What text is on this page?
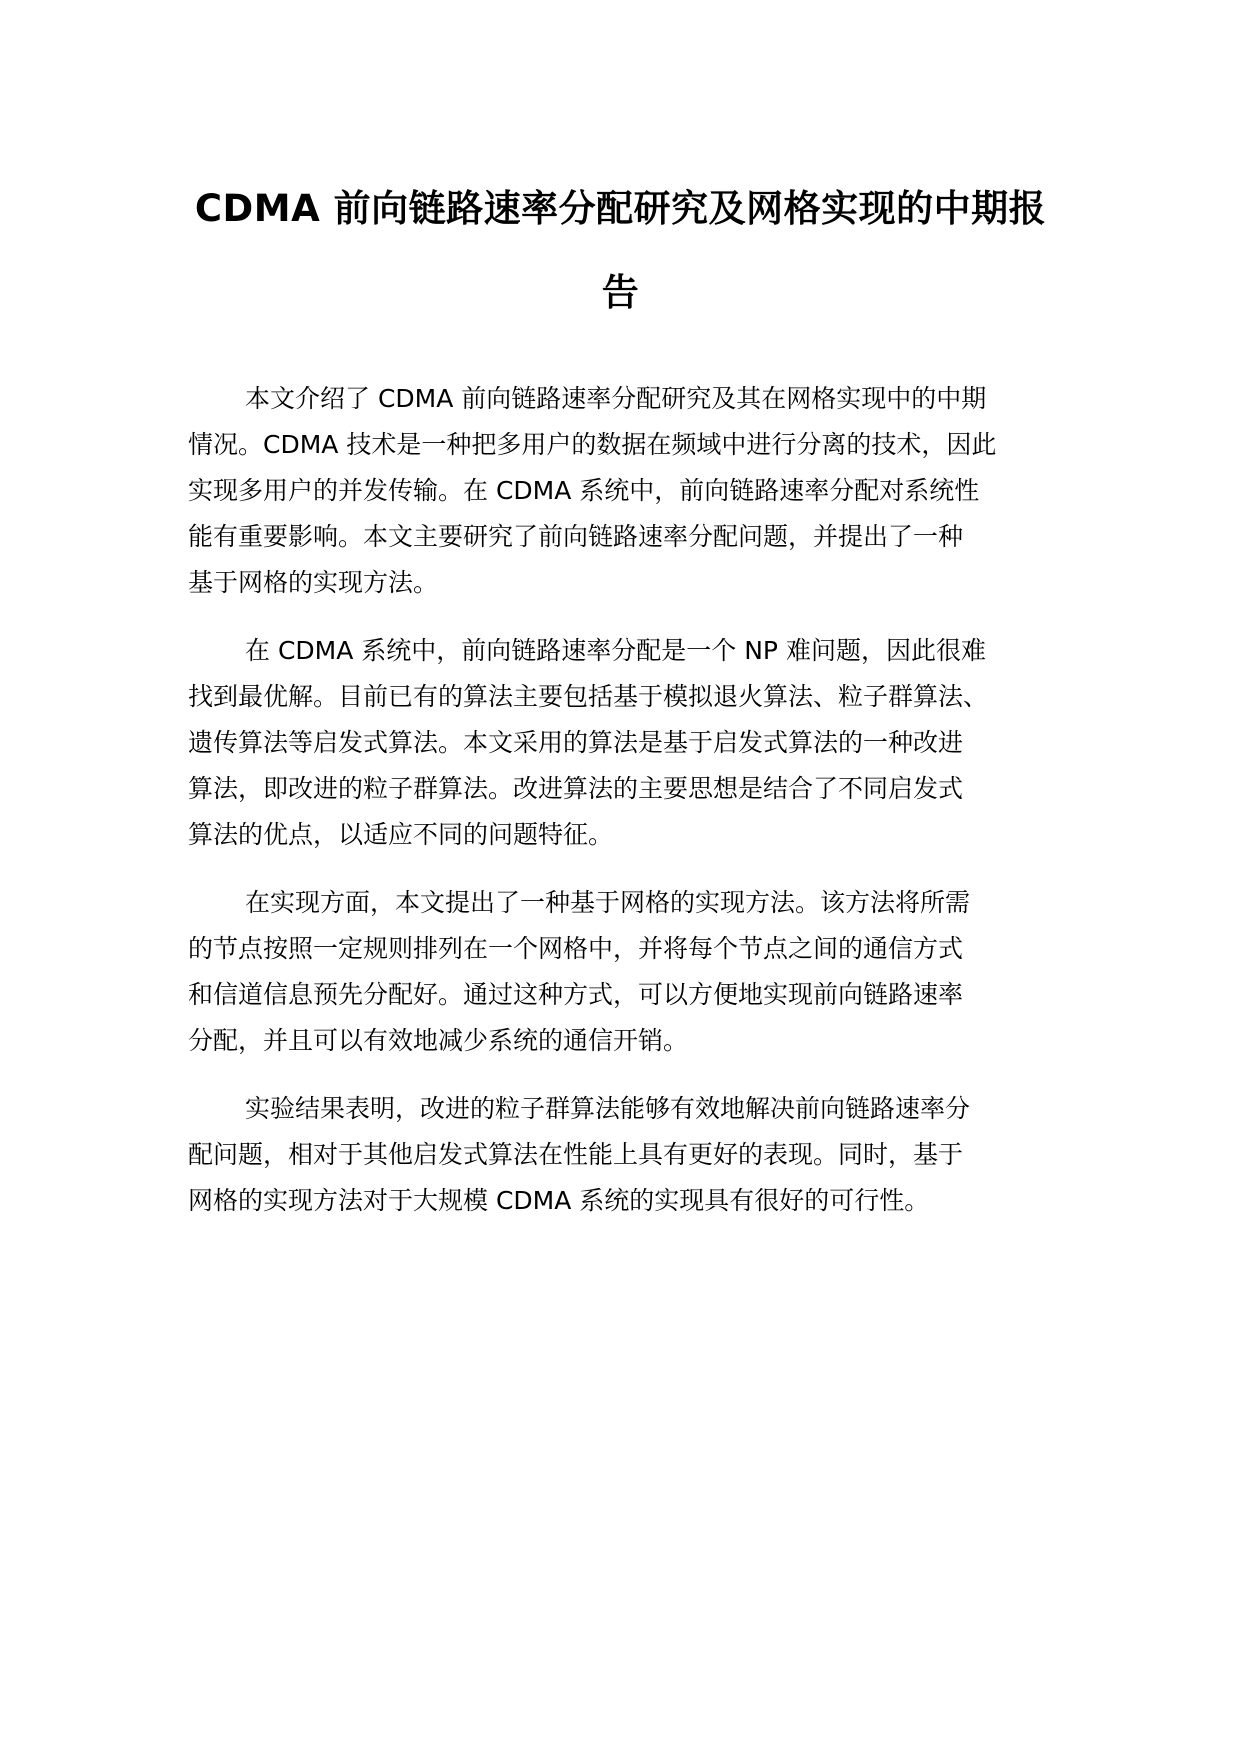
CDMA 前向链路速率分配研究及网格实现的中期报
告

本文介绍了 CDMA 前向链路速率分配研究及其在网格实现中的中期
情况。CDMA 技术是一种把多用户的数据在频域中进行分离的技术，因此
实现多用户的并发传输。在 CDMA 系统中，前向链路速率分配对系统性
能有重要影响。本文主要研究了前向链路速率分配问题，并提出了一种
基于网格的实现方法。

在 CDMA 系统中，前向链路速率分配是一个 NP 难问题，因此很难
找到最优解。目前已有的算法主要包括基于模拟退火算法、粒子群算法、
遗传算法等启发式算法。本文采用的算法是基于启发式算法的一种改进
算法，即改进的粒子群算法。改进算法的主要思想是结合了不同启发式
算法的优点，以适应不同的问题特征。

在实现方面，本文提出了一种基于网格的实现方法。该方法将所需
的节点按照一定规则排列在一个网格中，并将每个节点之间的通信方式
和信道信息预先分配好。通过这种方式，可以方便地实现前向链路速率
分配，并且可以有效地减少系统的通信开销。

实验结果表明，改进的粒子群算法能够有效地解决前向链路速率分
配问题，相对于其他启发式算法在性能上具有更好的表现。同时，基于
网格的实现方法对于大规模 CDMA 系统的实现具有很好的可行性。
